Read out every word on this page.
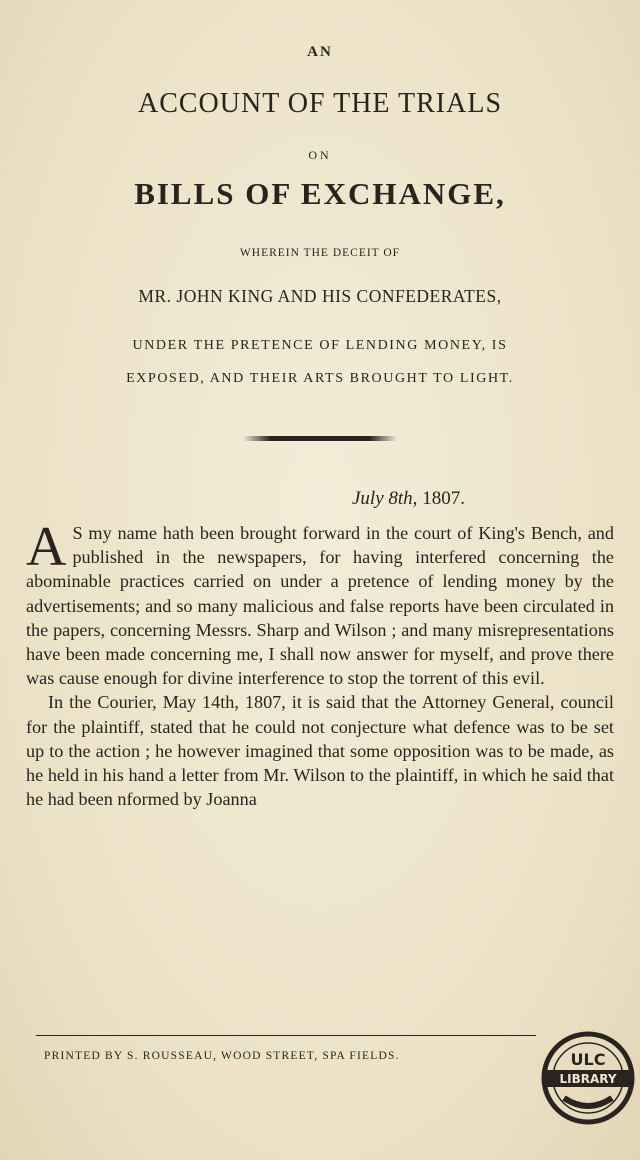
AN
ACCOUNT OF THE TRIALS
ON
BILLS OF EXCHANGE,
WHEREIN THE DECEIT OF
MR. JOHN KING AND HIS CONFEDERATES,
UNDER THE PRETENCE OF LENDING MONEY, IS
EXPOSED, AND THEIR ARTS BROUGHT TO LIGHT.
July 8th, 1807.

A S my name hath been brought forward in the court of King's Bench, and published in the newspapers, for having interfered concerning the abominable practices carried on under a pretence of lending money by the advertisements; and so many malicious and false reports have been circulated in the papers, concerning Messrs. Sharp and Wilson ; and many misrepresentations have been made concerning me, I shall now answer for myself, and prove there was cause enough for divine interference to stop the torrent of this evil.

In the Courier, May 14th, 1807, it is said that the Attorney General, council for the plaintiff, stated that he could not conjecture what defence was to be set up to the action ; he however imagined that some opposition was to be made, as he held in his hand a letter from Mr. Wilson to the plaintiff, in which he said that he had been nformed by Joanna

PRINTED BY S. ROUSSEAU, WOOD STREET, SPA FIELDS.	ULC
LIBRARY
